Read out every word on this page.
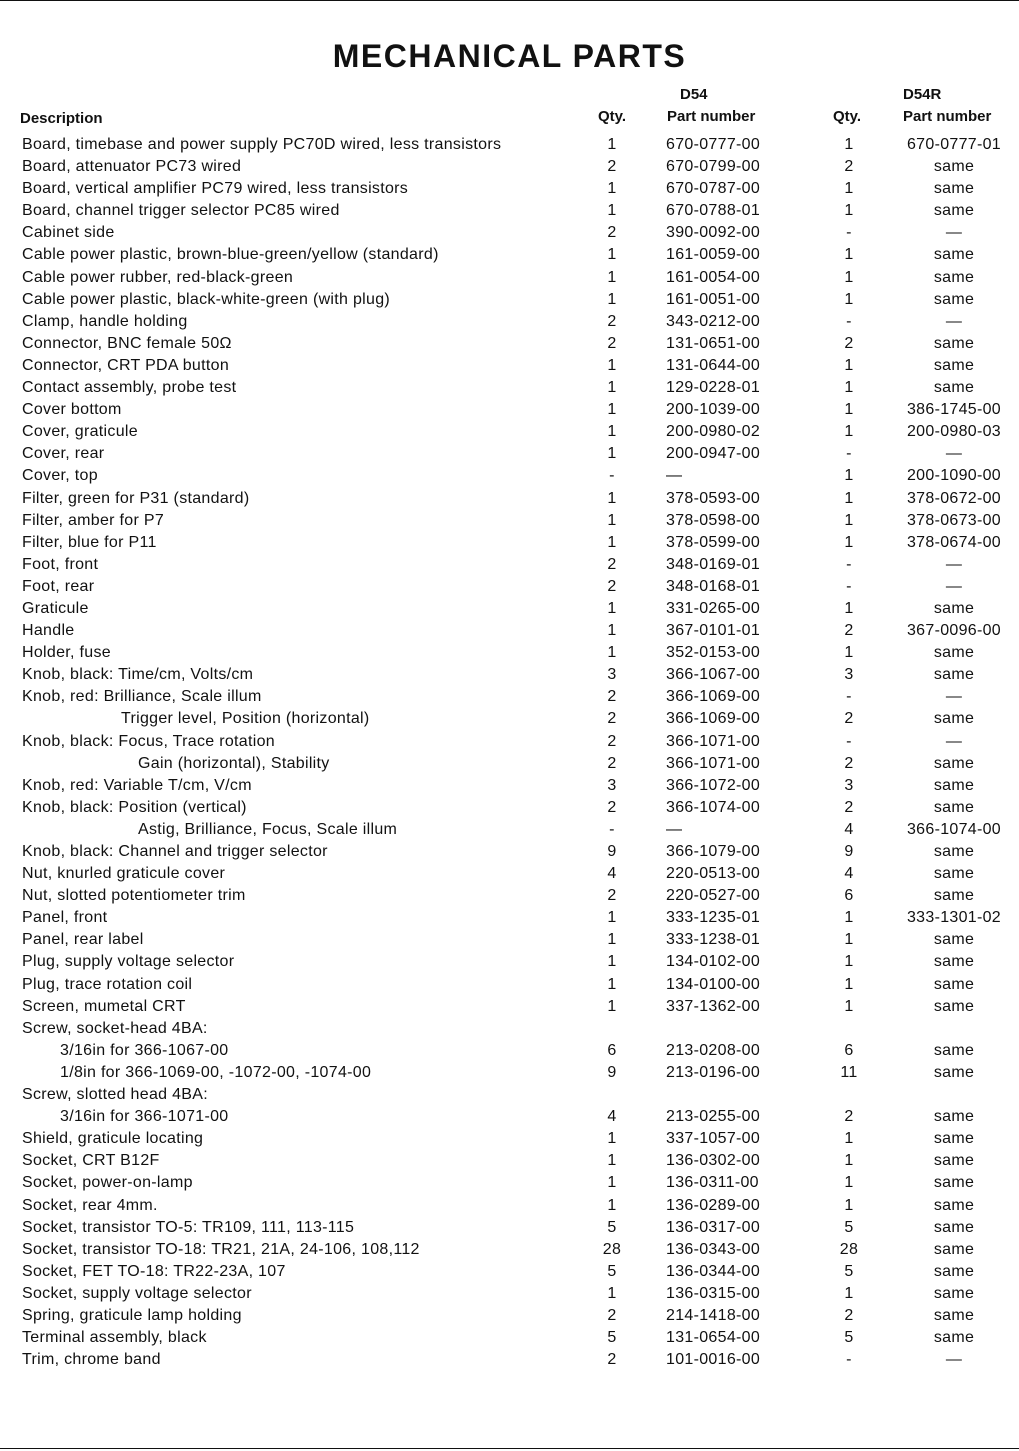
MECHANICAL PARTS
D54	D54R
Description	Qty.	Part number	Qty.	Part number
Board, timebase and power supply PC70D wired, less transistors	1	670-0777-00	1	670-0777-01
Board, attenuator PC73 wired	2	670-0799-00	2	same
Board, vertical amplifier PC79 wired, less transistors	1	670-0787-00	1	same
Board, channel trigger selector PC85 wired	1	670-0788-01	1	same
Cabinet side	2	390-0092-00	-	—
Cable power plastic, brown-blue-green/yellow (standard)	1	161-0059-00	1	same
Cable power rubber, red-black-green	1	161-0054-00	1	same
Cable power plastic, black-white-green (with plug)	1	161-0051-00	1	same
Clamp, handle holding	2	343-0212-00	-	—
Connector, BNC female 50Ω	2	131-0651-00	2	same
Connector, CRT PDA button	1	131-0644-00	1	same
Contact assembly, probe test	1	129-0228-01	1	same
Cover bottom	1	200-1039-00	1	386-1745-00
Cover, graticule	1	200-0980-02	1	200-0980-03
Cover, rear	1	200-0947-00	-	—
Cover, top	-	—	1	200-1090-00
Filter, green for P31 (standard)	1	378-0593-00	1	378-0672-00
Filter, amber for P7	1	378-0598-00	1	378-0673-00
Filter, blue for P11	1	378-0599-00	1	378-0674-00
Foot, front	2	348-0169-01	-	—
Foot, rear	2	348-0168-01	-	—
Graticule	1	331-0265-00	1	same
Handle	1	367-0101-01	2	367-0096-00
Holder, fuse	1	352-0153-00	1	same
Knob, black: Time/cm, Volts/cm	3	366-1067-00	3	same
Knob, red: Brilliance, Scale illum	2	366-1069-00	-	—
Trigger level, Position (horizontal)	2	366-1069-00	2	same
Knob, black: Focus, Trace rotation	2	366-1071-00	-	—
Gain (horizontal), Stability	2	366-1071-00	2	same
Knob, red: Variable T/cm, V/cm	3	366-1072-00	3	same
Knob, black: Position (vertical)	2	366-1074-00	2	same
Astig, Brilliance, Focus, Scale illum	-	—	4	366-1074-00
Knob, black: Channel and trigger selector	9	366-1079-00	9	same
Nut, knurled graticule cover	4	220-0513-00	4	same
Nut, slotted potentiometer trim	2	220-0527-00	6	same
Panel, front	1	333-1235-01	1	333-1301-02
Panel, rear label	1	333-1238-01	1	same
Plug, supply voltage selector	1	134-0102-00	1	same
Plug, trace rotation coil	1	134-0100-00	1	same
Screen, mumetal CRT	1	337-1362-00	1	same
Screw, socket-head 4BA:
3/16in for 366-1067-00	6	213-0208-00	6	same
1/8in for 366-1069-00, -1072-00, -1074-00	9	213-0196-00	11	same
Screw, slotted head 4BA:
3/16in for 366-1071-00	4	213-0255-00	2	same
Shield, graticule locating	1	337-1057-00	1	same
Socket, CRT B12F	1	136-0302-00	1	same
Socket, power-on-lamp	1	136-0311-00	1	same
Socket, rear 4mm.	1	136-0289-00	1	same
Socket, transistor TO-5: TR109, 111, 113-115	5	136-0317-00	5	same
Socket, transistor TO-18: TR21, 21A, 24-106, 108,112	28	136-0343-00	28	same
Socket, FET TO-18: TR22-23A, 107	5	136-0344-00	5	same
Socket, supply voltage selector	1	136-0315-00	1	same
Spring, graticule lamp holding	2	214-1418-00	2	same
Terminal assembly, black	5	131-0654-00	5	same
Trim, chrome band	2	101-0016-00	-	—
